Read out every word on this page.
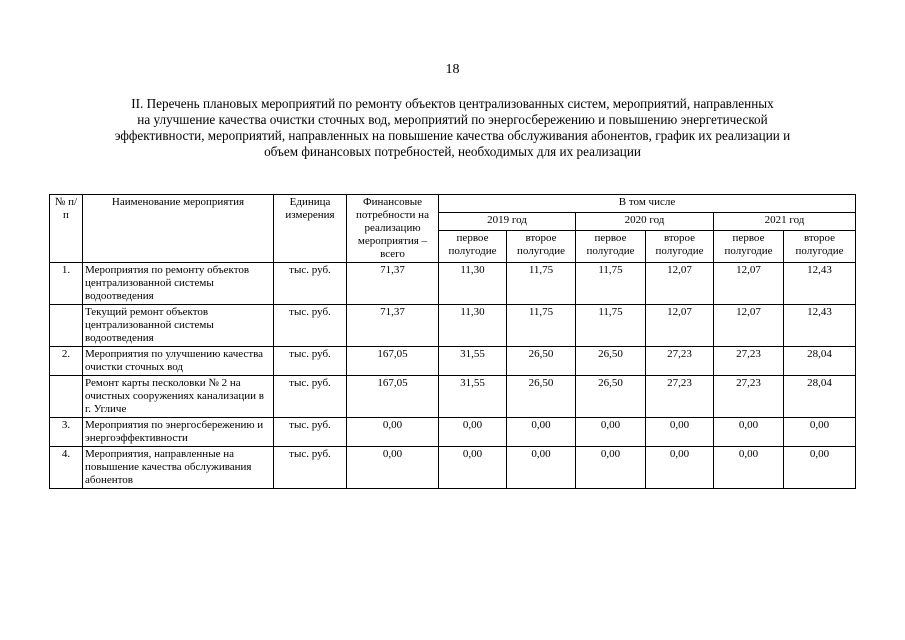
18
II. Перечень плановых мероприятий по ремонту объектов централизованных систем, мероприятий, направленных
на улучшение качества очистки сточных вод, мероприятий по энергосбережению и повышению энергетической
эффективности, мероприятий, направленных на повышение качества обслуживания абонентов, график их реализации и
объем финансовых потребностей, необходимых для их реализации
№ п/п	Наименование мероприятия	Единица измерения	Финансовые потребности на реализацию мероприятия – всего	В том числе					
				2019 год		2020 год		2021 год	
				первое полугодие	второе полугодие	первое полугодие	второе полугодие	первое полугодие	второе полугодие
1.	Мероприятия по ремонту объектов централизованной системы водоотведения	тыс. руб.	71,37	11,30	11,75	11,75	12,07	12,07	12,43
	Текущий ремонт объектов централизованной системы водоотведения	тыс. руб.	71,37	11,30	11,75	11,75	12,07	12,07	12,43
2.	Мероприятия по улучшению качества очистки сточных вод	тыс. руб.	167,05	31,55	26,50	26,50	27,23	27,23	28,04
	Ремонт карты песколовки № 2 на очистных сооружениях канализации в г. Угличе	тыс. руб.	167,05	31,55	26,50	26,50	27,23	27,23	28,04
3.	Мероприятия по энергосбережению и энергоэффективности	тыс. руб.	0,00	0,00	0,00	0,00	0,00	0,00	0,00
4.	Мероприятия, направленные на повышение качества обслуживания абонентов	тыс. руб.	0,00	0,00	0,00	0,00	0,00	0,00	0,00
